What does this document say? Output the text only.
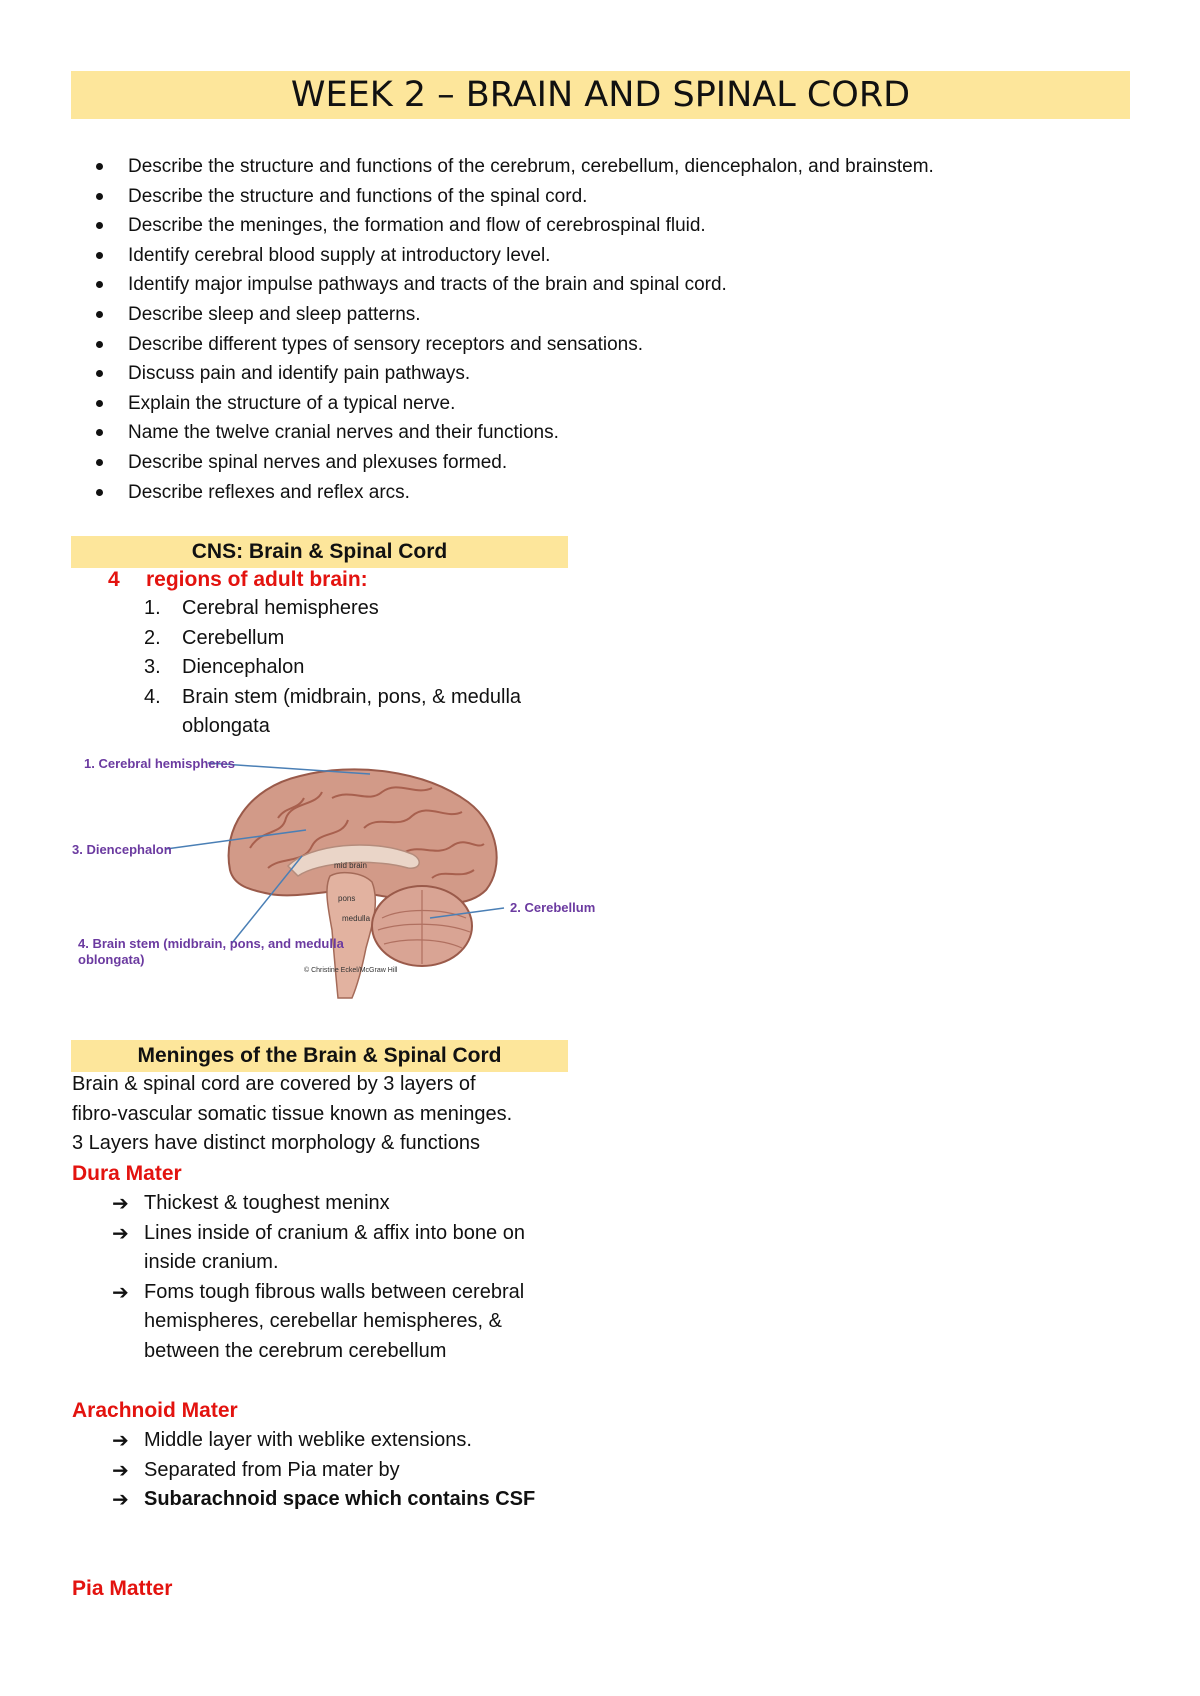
WEEK 2 – BRAIN AND SPINAL CORD
Describe the structure and functions of the cerebrum, cerebellum, diencephalon, and brainstem.
Describe the structure and functions of the spinal cord.
Describe the meninges, the formation and flow of cerebrospinal fluid.
Identify cerebral blood supply at introductory level.
Identify major impulse pathways and tracts of the brain and spinal cord.
Describe sleep and sleep patterns.
Describe different types of sensory receptors and sensations.
Discuss pain and identify pain pathways.
Explain the structure of a typical nerve.
Name the twelve cranial nerves and their functions.
Describe spinal nerves and plexuses formed.
Describe reflexes and reflex arcs.
CNS: Brain & Spinal Cord
4 regions of adult brain:
1. Cerebral hemispheres
2. Cerebellum
3. Diencephalon
4. Brain stem (midbrain, pons, & medulla oblongata
1. Cerebral hemispheres
3. Diencephalon
2. Cerebellum
4. Brain stem (midbrain, pons, and medulla
oblongata)
mid brain
pons
medulla
© Christine Eckel/McGraw Hill
Meninges of the Brain & Spinal Cord
Brain & spinal cord are covered by 3 layers of
fibro-vascular somatic tissue known as meninges.
3 Layers have distinct morphology & functions
Dura Mater
➔ Thickest & toughest meninx
➔ Lines inside of cranium & affix into bone on inside cranium.
➔ Foms tough fibrous walls between cerebral hemispheres, cerebellar hemispheres, & between the cerebrum cerebellum
Arachnoid Mater
➔ Middle layer with weblike extensions.
➔ Separated from Pia mater by
➔ Subarachnoid space which contains CSF
Pia Matter
